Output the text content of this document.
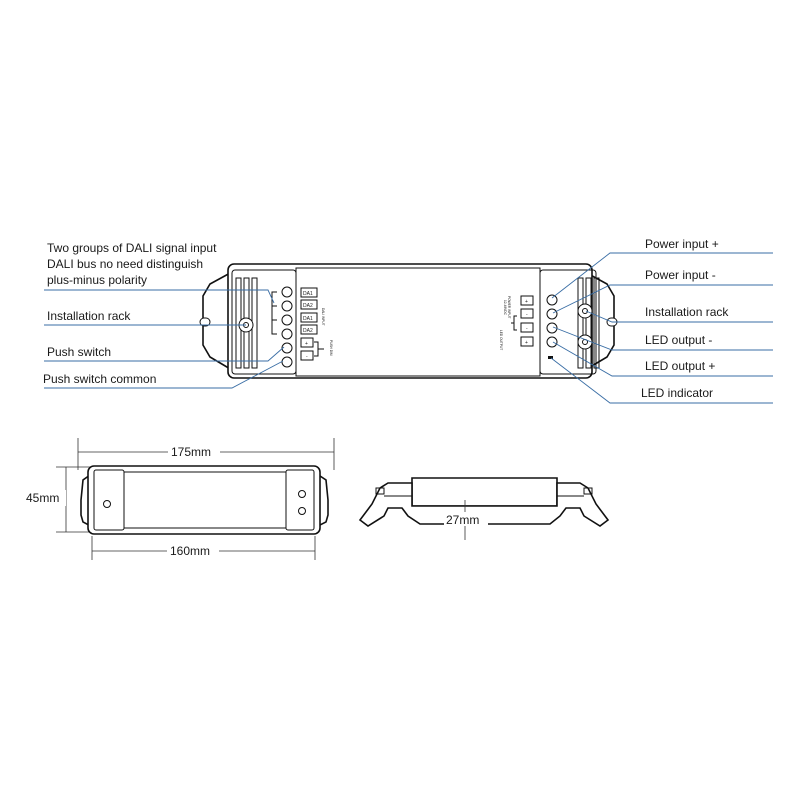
DA1
DA2
DA1
DA2
+
-
DALI INPUT
PUSH DIM
+
-
-
+
POWER INPUT
12-48VDC
LED OUTPUT
Two groups of DALI signal input
DALI bus no need distinguish
plus-minus polarity
Installation rack
Push switch
Push switch common
Power input +
Power input -
Installation rack
LED output -
LED output +
LED indicator
175mm
45mm
160mm
27mm
